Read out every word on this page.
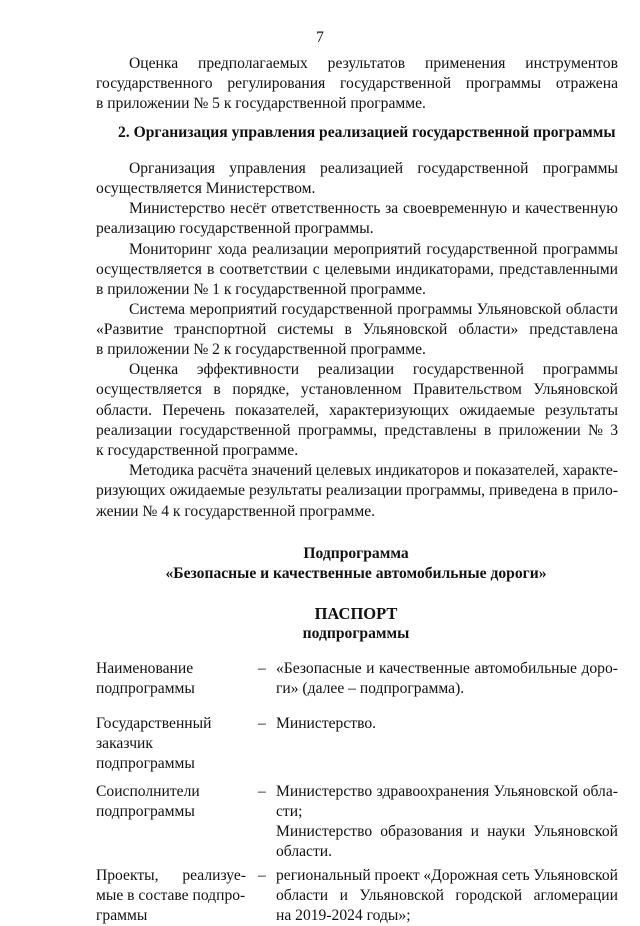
7
Оценка предполагаемых результатов применения инструментов
государственного регулирования государственной программы отражена
в приложении № 5 к государственной программе.
2. Организация управления реализацией государственной программы
Организация управления реализацией государственной программы
осуществляется Министерством.
Министерство несёт ответственность за своевременную и качественную
реализацию государственной программы.
Мониторинг хода реализации мероприятий государственной программы
осуществляется в соответствии с целевыми индикаторами, представленными
в приложении № 1 к государственной программе.
Система мероприятий государственной программы Ульяновской области
«Развитие транспортной системы в Ульяновской области» представлена
в приложении № 2 к государственной программе.
Оценка эффективности реализации государственной программы
осуществляется в порядке, установленном Правительством Ульяновской
области. Перечень показателей, характеризующих ожидаемые результаты
реализации государственной программы, представлены в приложении № 3
к государственной программе.
Методика расчёта значений целевых индикаторов и показателей, характе-
ризующих ожидаемые результаты реализации программы, приведена в прило-
жении № 4 к государственной программе.
Подпрограмма
«Безопасные и качественные автомобильные дороги»
ПАСПОРТ
подпрограммы
Наименование
подпрограммы
– «Безопасные и качественные автомобильные доро-
ги» (далее – подпрограмма).
Государственный
заказчик
подпрограммы
– Министерство.
Соисполнители
подпрограммы
– Министерство здравоохранения Ульяновской обла-
сти;
Министерство образования и науки Ульяновской
области.
Проекты, реализуе-
мые в составе подпро-
– региональный проект «Дорожная сеть Ульяновской
области и Ульяновской городской агломерации
на 2019-2024 годы»;
граммы
